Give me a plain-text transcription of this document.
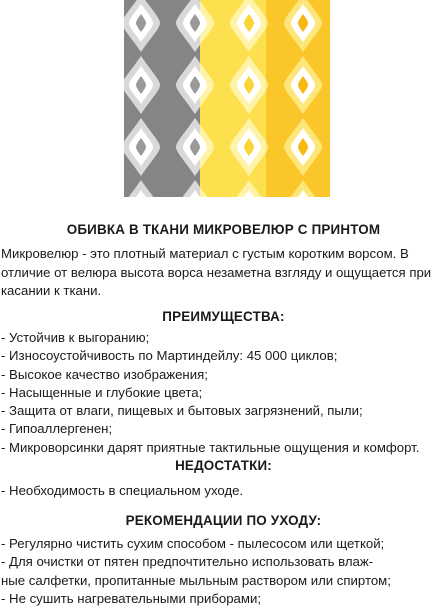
ОБИВКА В ТКАНИ МИКРОВЕЛЮР С ПРИНТОМ

Микровелюр - это плотный материал с густым коротким ворсом. В отличие от велюра высота ворса незаметна взгляду и ощущается при касании к ткани.

ПРЕИМУЩЕСТВА:
- Устойчив к выгоранию;
- Износоустойчивость по Мартиндейлу: 45 000 циклов;
- Высокое качество изображения;
- Насыщенные и глубокие цвета;
- Защита от влаги, пищевых и бытовых загрязнений, пыли;
- Гипоаллергенен;
- Микроворсинки дарят приятные тактильные ощущения и комфорт.
НЕДОСТАТКИ:
- Необходимость в специальном уходе.
РЕКОМЕНДАЦИИ ПО УХОДУ:
- Регулярно чистить сухим способом - пылесосом или щеткой;
- Для очистки от пятен предпочтительно использовать влаж-
ные салфетки, пропитанные мыльным раствором или спиртом;
- Не сушить нагревательными приборами;
